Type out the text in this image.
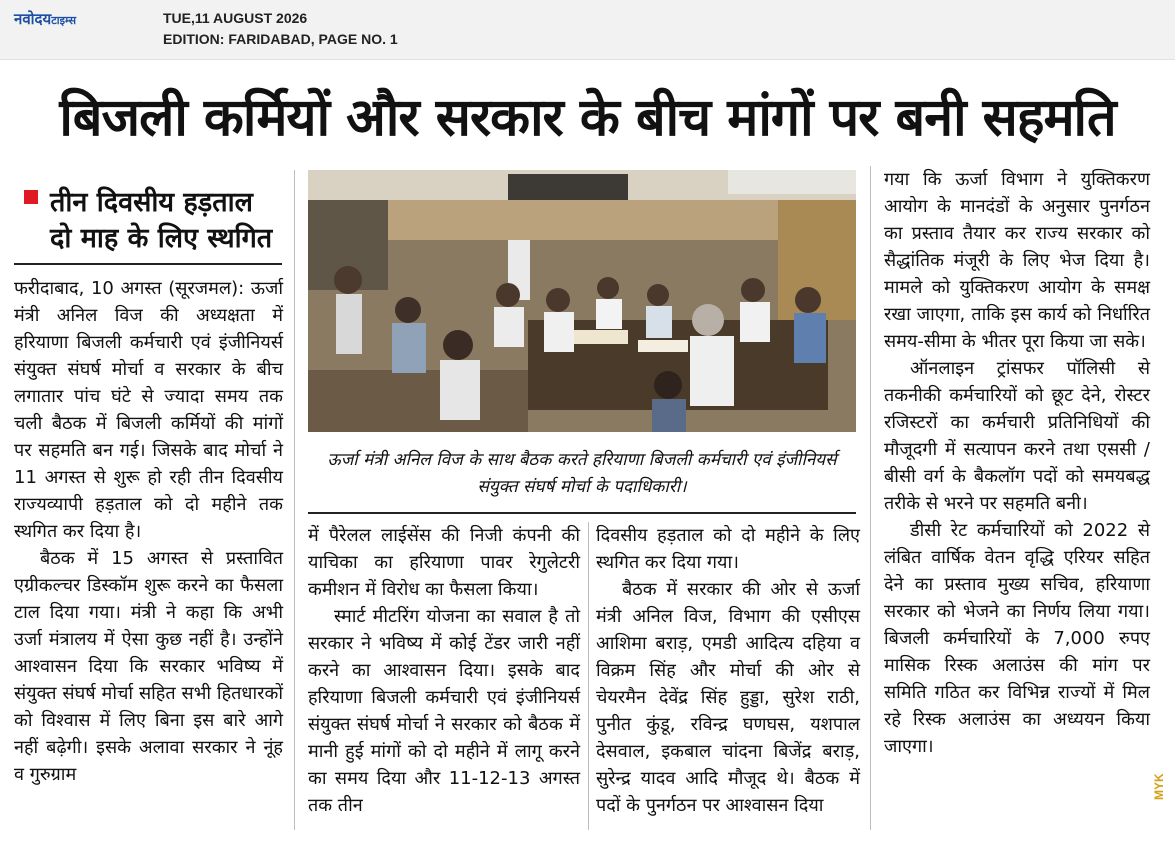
नवोदयटाइम्स	TUE,11 AUGUST 2026
EDITION: FARIDABAD, PAGE NO. 1
बिजली कर्मियों और सरकार के बीच मांगों पर बनी सहमति
तीन दिवसीय हड़ताल
दो माह के लिए स्थगित

फरीदाबाद, 10 अगस्त (सूरजमल): ऊर्जा मंत्री अनिल विज की अध्यक्षता में हरियाणा बिजली कर्मचारी एवं इंजीनियर्स संयुक्त संघर्ष मोर्चा व सरकार के बीच लगातार पांच घंटे से ज्यादा समय तक चली बैठक में बिजली कर्मियों की मांगों पर सहमति बन गई। जिसके बाद मोर्चा ने 11 अगस्त से शुरू हो रही तीन दिवसीय राज्यव्यापी हड़ताल को दो महीने तक स्थगित कर दिया है।

बैठक में 15 अगस्त से प्रस्तावित एग्रीकल्चर डिस्कॉम शुरू करने का फैसला टाल दिया गया। मंत्री ने कहा कि अभी उर्जा मंत्रालय में ऐसा कुछ नहीं है। उन्होंने आश्वासन दिया कि सरकार भविष्य में संयुक्त संघर्ष मोर्चा सहित सभी हितधारकों को विश्वास में लिए बिना इस बारे आगे नहीं बढ़ेगी। इसके अलावा सरकार ने नूंह व गुरुग्राम

ऊर्जा मंत्री अनिल विज के साथ बैठक करते हरियाणा बिजली कर्मचारी एवं इंजीनियर्स संयुक्त संघर्ष मोर्चा के पदाधिकारी।

में पैरेलल लाईसेंस की निजी कंपनी की याचिका का हरियाणा पावर रेगुलेटरी कमीशन में विरोध का फैसला किया।

स्मार्ट मीटरिंग योजना का सवाल है तो सरकार ने भविष्य में कोई टेंडर जारी नहीं करने का आश्वासन दिया। इसके बाद हरियाणा बिजली कर्मचारी एवं इंजीनियर्स संयुक्त संघर्ष मोर्चा ने सरकार को बैठक में मानी हुई मांगों को दो महीने में लागू करने का समय दिया और 11-12-13 अगस्त तक तीन

दिवसीय हड़ताल को दो महीने के लिए स्थगित कर दिया गया।

बैठक में सरकार की ओर से ऊर्जा मंत्री अनिल विज, विभाग की एसीएस आशिमा बराड़, एमडी आदित्य दहिया व विक्रम सिंह और मोर्चा की ओर से चेयरमैन देवेंद्र सिंह हुड्डा, सुरेश राठी, पुनीत कुंडू, रविन्द्र घणघस, यशपाल देसवाल, इकबाल चांदना बिजेंद्र बराड़, सुरेन्द्र यादव आदि मौजूद थे। बैठक में पदों के पुनर्गठन पर आश्वासन दिया

गया कि ऊर्जा विभाग ने युक्तिकरण आयोग के मानदंडों के अनुसार पुनर्गठन का प्रस्ताव तैयार कर राज्य सरकार को सैद्धांतिक मंजूरी के लिए भेज दिया है। मामले को युक्तिकरण आयोग के समक्ष रखा जाएगा, ताकि इस कार्य को निर्धारित समय-सीमा के भीतर पूरा किया जा सके।

ऑनलाइन ट्रांसफर पॉलिसी से तकनीकी कर्मचारियों को छूट देने, रोस्टर रजिस्टरों का कर्मचारी प्रतिनिधियों की मौजूदगी में सत्यापन करने तथा एससी / बीसी वर्ग के बैकलॉग पदों को समयबद्ध तरीके से भरने पर सहमति बनी।

डीसी रेट कर्मचारियों को 2022 से लंबित वार्षिक वेतन वृद्धि एरियर सहित देने का प्रस्ताव मुख्य सचिव, हरियाणा सरकार को भेजने का निर्णय लिया गया। बिजली कर्मचारियों के 7,000 रुपए मासिक रिस्क अलाउंस की मांग पर समिति गठित कर विभिन्न राज्यों में मिल रहे रिस्क अलाउंस का अध्ययन किया जाएगा।

MYK
